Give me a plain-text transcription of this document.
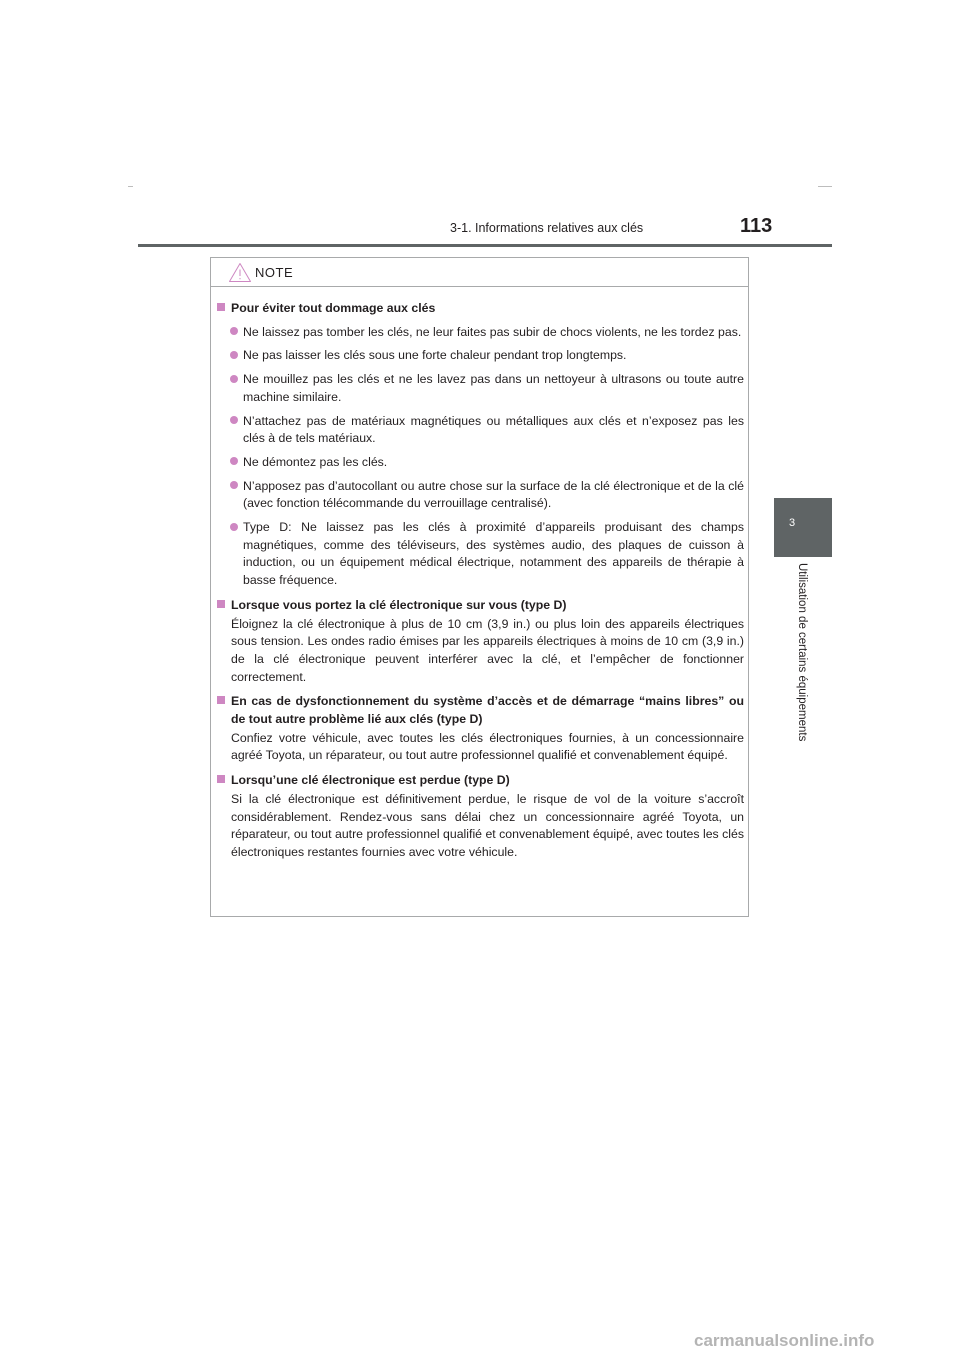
3-1. Informations relatives aux clés	113
3
Utilisation de certains équipements
NOTE
Pour éviter tout dommage aux clés
Ne laissez pas tomber les clés, ne leur faites pas subir de chocs violents, ne les tordez pas.
Ne pas laisser les clés sous une forte chaleur pendant trop longtemps.
Ne mouillez pas les clés et ne les lavez pas dans un nettoyeur à ultrasons ou toute autre machine similaire.
N’attachez pas de matériaux magnétiques ou métalliques aux clés et n’exposez pas les clés à de tels matériaux.
Ne démontez pas les clés.
N’apposez pas d’autocollant ou autre chose sur la surface de la clé électronique et de la clé (avec fonction télécommande du verrouillage centralisé).
Type D: Ne laissez pas les clés à proximité d’appareils produisant des champs magnétiques, comme des téléviseurs, des systèmes audio, des plaques de cuisson à induction, ou un équipement médical électrique, notamment des appareils de thérapie à basse fréquence.
Lorsque vous portez la clé électronique sur vous (type D)
Éloignez la clé électronique à plus de 10 cm (3,9 in.) ou plus loin des appareils électriques sous tension. Les ondes radio émises par les appareils électriques à moins de 10 cm (3,9 in.) de la clé électronique peuvent interférer avec la clé, et l’empêcher de fonctionner correctement.
En cas de dysfonctionnement du système d’accès et de démarrage “mains libres” ou de tout autre problème lié aux clés (type D)
Confiez votre véhicule, avec toutes les clés électroniques fournies, à un concessionnaire agréé Toyota, un réparateur, ou tout autre professionnel qualifié et convenablement équipé.
Lorsqu’une clé électronique est perdue (type D)
Si la clé électronique est définitivement perdue, le risque de vol de la voiture s’accroît considérablement. Rendez-vous sans délai chez un concessionnaire agréé Toyota, un réparateur, ou tout autre professionnel qualifié et convenablement équipé, avec toutes les clés électroniques restantes fournies avec votre véhicule.
carmanualsonline.info
